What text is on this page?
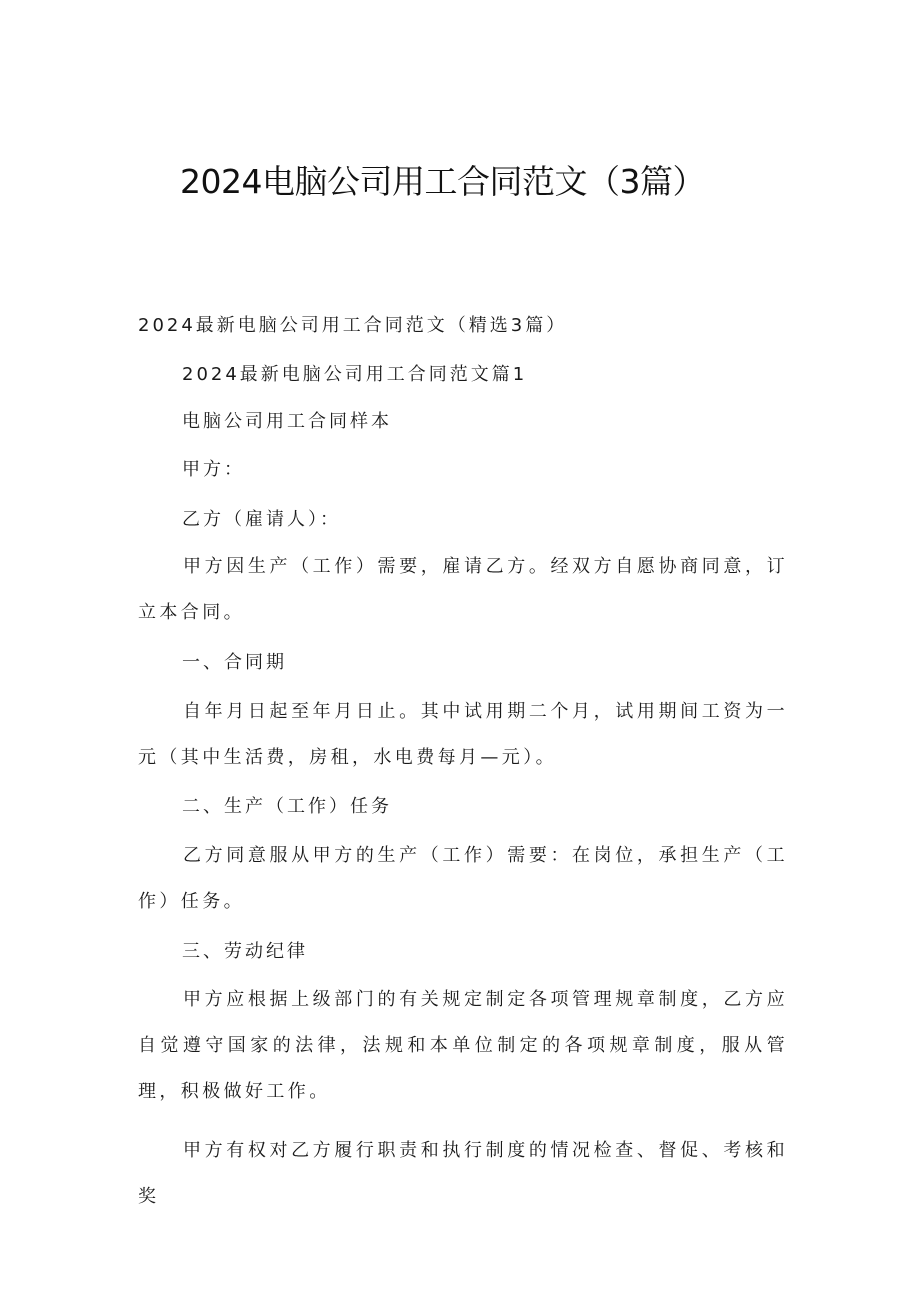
2024电脑公司用工合同范文（3篇）
2024最新电脑公司用工合同范文（精选3篇）
2024最新电脑公司用工合同范文篇1
电脑公司用工合同样本
甲方：
乙方（雇请人）：
甲方因生产（工作）需要，雇请乙方。经双方自愿协商同意，订立本合同。
一、合同期
自年月日起至年月日止。其中试用期二个月，试用期间工资为一元（其中生活费，房租，水电费每月—元）。
二、生产（工作）任务
乙方同意服从甲方的生产（工作）需要：在岗位，承担生产（工作）任务。
三、劳动纪律
甲方应根据上级部门的有关规定制定各项管理规章制度，乙方应自觉遵守国家的法律，法规和本单位制定的各项规章制度，服从管理，积极做好工作。
甲方有权对乙方履行职责和执行制度的情况检查、督促、考核和奖
